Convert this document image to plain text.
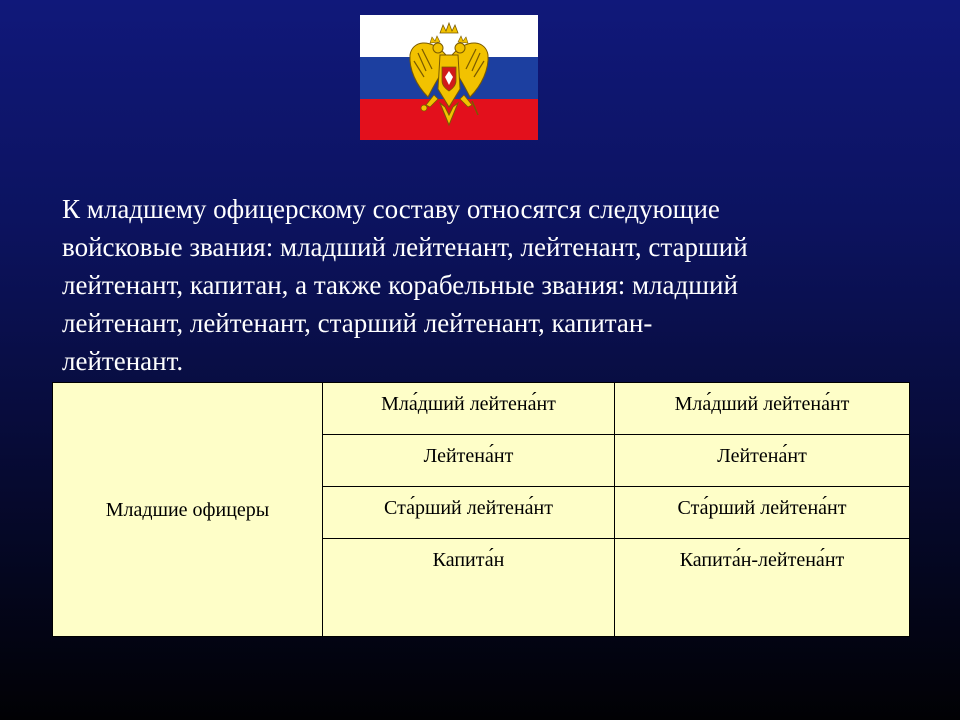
К младшему офицерскому составу относятся следующие
войсковые звания: младший лейтенант, лейтенант, старший
лейтенант, капитан, а также корабельные звания: младший
лейтенант, лейтенант, старший лейтенант, капитан-
лейтенант.

Младшие офицеры	Мла́дший лейтена́нт	Мла́дший лейтена́нт
	Лейтена́нт	Лейтена́нт
	Ста́рший лейтена́нт	Ста́рший лейтена́нт
	Капита́н	Капита́н-лейтена́нт
